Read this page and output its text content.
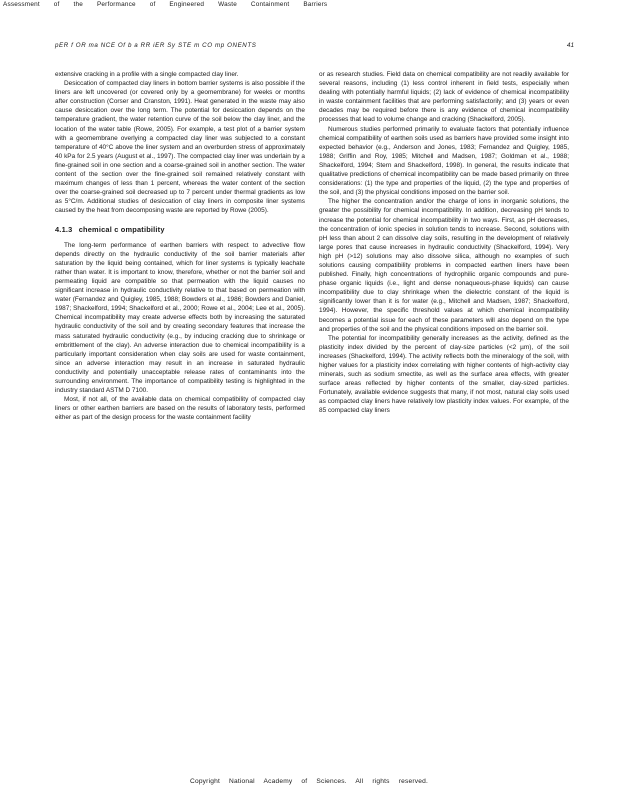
Assessment of the Performance of Engineered Waste Containment Barriers
pER f OR ma NCE Of b a RR iER Sy STE m CO mp ONENTS	41

extensive cracking in a profile with a single compacted clay liner.

Desiccation of compacted clay liners in bottom barrier systems is also possible if the liners are left uncovered (or covered only by a geomembrane) for weeks or months after construction (Corser and Cranston, 1991). Heat generated in the waste may also cause desiccation over the long term. The potential for desiccation depends on the temperature gradient, the water retention curve of the soil below the clay liner, and the location of the water table (Rowe, 2005). For example, a test plot of a barrier system with a geomembrane overlying a compacted clay liner was subjected to a constant temperature of 40°C above the liner system and an overburden stress of approximately 40 kPa for 2.5 years (August et al., 1997). The compacted clay liner was underlain by a fine-grained soil in one section and a coarse-grained soil in another section. The water content of the section over the fine-grained soil remained relatively constant with maximum changes of less than 1 percent, whereas the water content of the section over the coarse-grained soil decreased up to 7 percent under thermal gradients as low as 5°C/m. Additional studies of desiccation of clay liners in composite liner systems caused by the heat from decomposing waste are reported by Rowe (2005).

4.1.3 chemical c ompatibility

The long-term performance of earthen barriers with respect to advective flow depends directly on the hydraulic conductivity of the soil barrier materials after saturation by the liquid being contained, which for liner systems is typically leachate rather than water. It is important to know, therefore, whether or not the barrier soil and permeating liquid are compatible so that permeation with the liquid causes no significant increase in hydraulic conductivity relative to that based on permeation with water (Fernandez and Quigley, 1985, 1988; Bowders et al., 1986; Bowders and Daniel, 1987; Shackelford, 1994; Shackelford et al., 2000; Rowe et al., 2004; Lee et al., 2005). Chemical incompatibility may create adverse effects both by increasing the saturated hydraulic conductivity of the soil and by creating secondary features that increase the mass saturated hydraulic conductivity (e.g., by inducing cracking due to shrinkage or embrittlement of the clay). An adverse interaction due to chemical incompatibility is a particularly important consideration when clay soils are used for waste containment, since an adverse interaction may result in an increase in saturated hydraulic conductivity and potentially unacceptable release rates of contaminants into the surrounding environment. The importance of compatibility testing is highlighted in the industry standard ASTM D 7100.

Most, if not all, of the available data on chemical compatibility of compacted clay liners or other earthen barriers are based on the results of laboratory tests, performed either as part of the design process for the waste containment facility

or as research studies. Field data on chemical compatibility are not readily available for several reasons, including (1) less control inherent in field tests, especially when dealing with potentially harmful liquids; (2) lack of evidence of chemical incompatibility in waste containment facilities that are performing satisfactorily; and (3) years or even decades may be required before there is any evidence of chemical incompatibility processes that lead to volume change and cracking (Shackelford, 2005).

Numerous studies performed primarily to evaluate factors that potentially influence chemical compatibility of earthen soils used as barriers have provided some insight into expected behavior (e.g., Anderson and Jones, 1983; Fernandez and Quigley, 1985, 1988; Griffin and Roy, 1985; Mitchell and Madsen, 1987; Goldman et al., 1988; Shackelford, 1994; Stern and Shackelford, 1998). In general, the results indicate that qualitative predictions of chemical incompatibility can be made based primarily on three considerations: (1) the type and properties of the liquid, (2) the type and properties of the soil, and (3) the physical conditions imposed on the barrier soil.

The higher the concentration and/or the charge of ions in inorganic solutions, the greater the possibility for chemical incompatibility. In addition, decreasing pH tends to increase the potential for chemical incompatibility in two ways. First, as pH decreases, the concentration of ionic species in solution tends to increase. Second, solutions with pH less than about 2 can dissolve clay soils, resulting in the development of relatively large pores that cause increases in hydraulic conductivity (Shackelford, 1994). Very high pH (>12) solutions may also dissolve silica, although no examples of such solutions causing compatibility problems in compacted earthen liners have been published. Finally, high concentrations of hydrophilic organic compounds and pure-phase organic liquids (i.e., light and dense nonaqueous-phase liquids) can cause incompatibility due to clay shrinkage when the dielectric constant of the liquid is significantly lower than it is for water (e.g., Mitchell and Madsen, 1987; Shackelford, 1994). However, the specific threshold values at which chemical incompatibility becomes a potential issue for each of these parameters will also depend on the type and properties of the soil and the physical conditions imposed on the barrier soil.

The potential for incompatibility generally increases as the activity, defined as the plasticity index divided by the percent of clay-size particles (<2 µm), of the soil increases (Shackelford, 1994). The activity reflects both the mineralogy of the soil, with higher values for a plasticity index correlating with higher contents of high-activity clay minerals, such as sodium smectite, as well as the surface area effects, with greater surface areas reflected by higher contents of the smaller, clay-sized particles. Fortunately, available evidence suggests that many, if not most, natural clay soils used as compacted clay liners have relatively low plasticity index values. For example, of the 85 compacted clay liners

Copyright National Academy of Sciences. All rights reserved.
